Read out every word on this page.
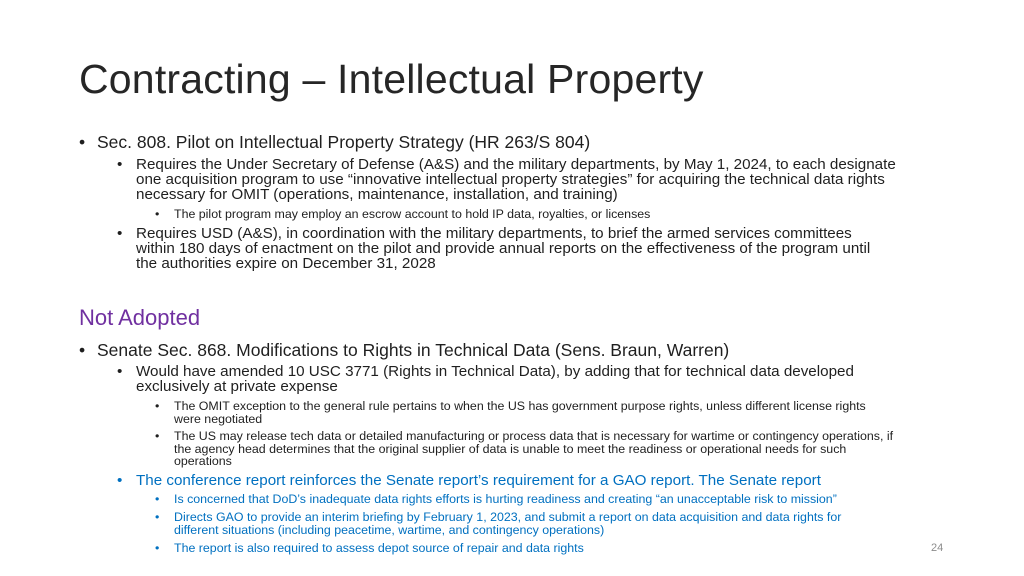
Contracting – Intellectual Property
• Sec. 808. Pilot on Intellectual Property Strategy (HR 263/S 804)
• Requires the Under Secretary of Defense (A&S) and the military departments, by May 1, 2024, to each designate
one acquisition program to use “innovative intellectual property strategies” for acquiring the technical data rights
necessary for OMIT (operations, maintenance, installation, and training)
• The pilot program may employ an escrow account to hold IP data, royalties, or licenses
• Requires USD (A&S), in coordination with the military departments, to brief the armed services committees
within 180 days of enactment on the pilot and provide annual reports on the effectiveness of the program until
the authorities expire on December 31, 2028
Not Adopted
• Senate Sec. 868. Modifications to Rights in Technical Data (Sens. Braun, Warren)
• Would have amended 10 USC 3771 (Rights in Technical Data), by adding that for technical data developed
exclusively at private expense
• The OMIT exception to the general rule pertains to when the US has government purpose rights, unless different license rights
were negotiated
• The US may release tech data or detailed manufacturing or process data that is necessary for wartime or contingency operations, if
the agency head determines that the original supplier of data is unable to meet the readiness or operational needs for such
operations
• The conference report reinforces the Senate report’s requirement for a GAO report. The Senate report
• Is concerned that DoD’s inadequate data rights efforts is hurting readiness and creating “an unacceptable risk to mission”
• Directs GAO to provide an interim briefing by February 1, 2023, and submit a report on data acquisition and data rights for
different situations (including peacetime, wartime, and contingency operations)
• The report is also required to assess depot source of repair and data rights	24
